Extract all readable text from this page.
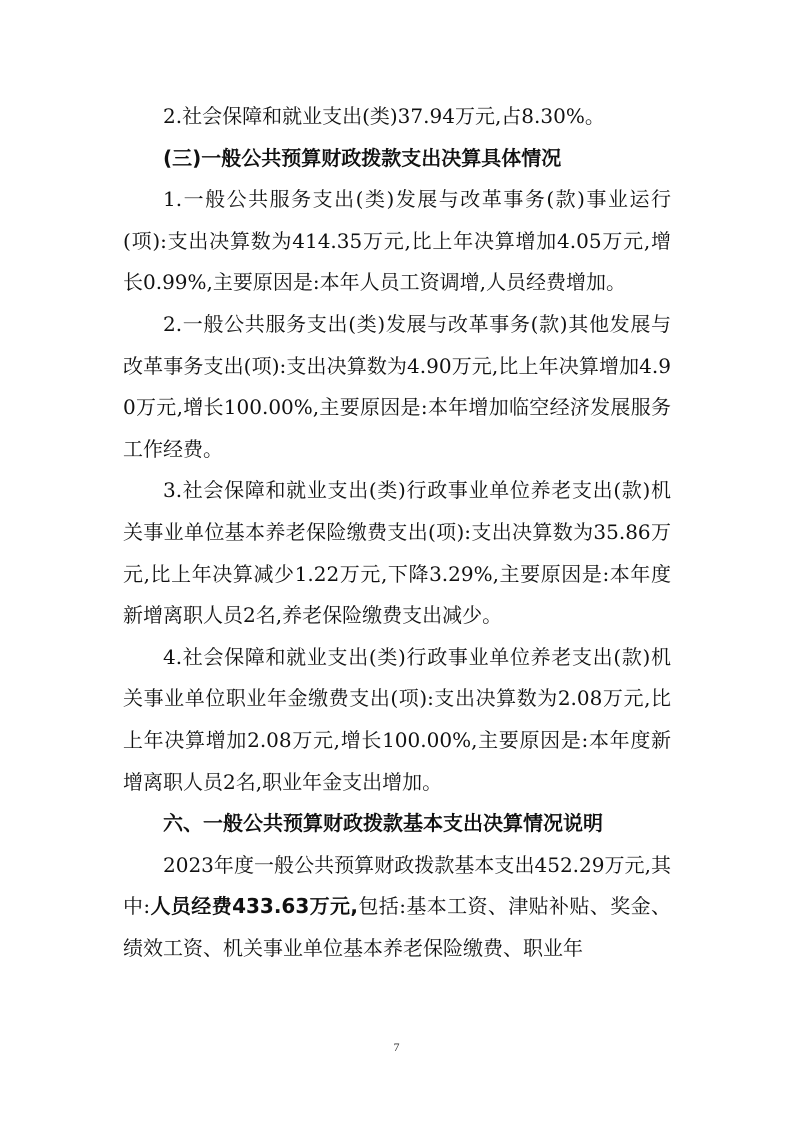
2.社会保障和就业支出(类)37.94万元,占8.30%。

(三)一般公共预算财政拨款支出决算具体情况

1.一般公共服务支出(类)发展与改革事务(款)事业运行(项):支出决算数为414.35万元,比上年决算增加4.05万元,增长0.99%,主要原因是:本年人员工资调增,人员经费增加。

2.一般公共服务支出(类)发展与改革事务(款)其他发展与改革事务支出(项):支出决算数为4.90万元,比上年决算增加4.90万元,增长100.00%,主要原因是:本年增加临空经济发展服务工作经费。

3.社会保障和就业支出(类)行政事业单位养老支出(款)机关事业单位基本养老保险缴费支出(项):支出决算数为35.86万元,比上年决算减少1.22万元,下降3.29%,主要原因是:本年度新增离职人员2名,养老保险缴费支出减少。

4.社会保障和就业支出(类)行政事业单位养老支出(款)机关事业单位职业年金缴费支出(项):支出决算数为2.08万元,比上年决算增加2.08万元,增长100.00%,主要原因是:本年度新增离职人员2名,职业年金支出增加。

六、一般公共预算财政拨款基本支出决算情况说明

2023年度一般公共预算财政拨款基本支出452.29万元,其中:人员经费433.63万元,包括:基本工资、津贴补贴、奖金、绩效工资、机关事业单位基本养老保险缴费、职业年

7
